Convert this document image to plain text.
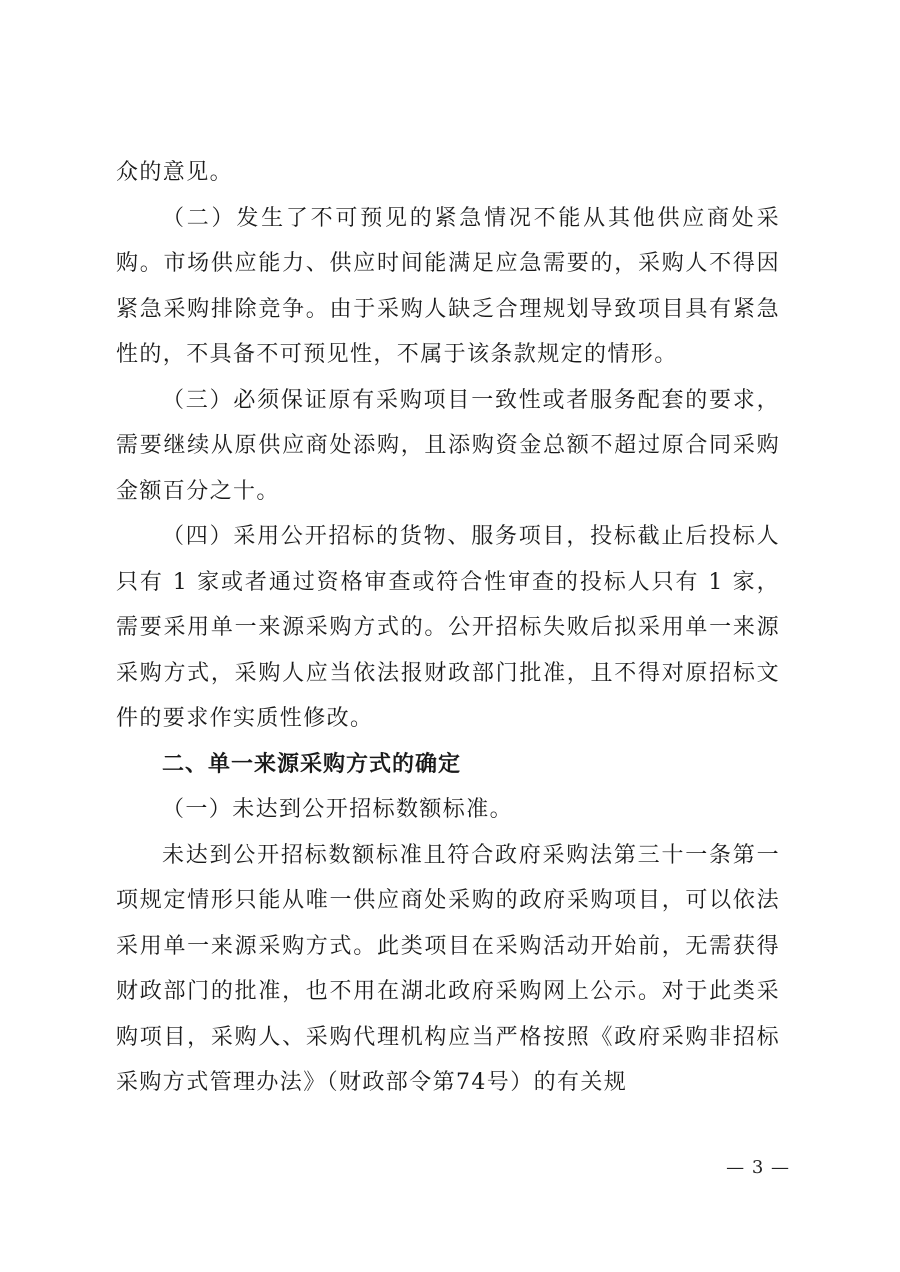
众的意见。

（二）发生了不可预见的紧急情况不能从其他供应商处采购。市场供应能力、供应时间能满足应急需要的，采购人不得因紧急采购排除竞争。由于采购人缺乏合理规划导致项目具有紧急性的，不具备不可预见性，不属于该条款规定的情形。

（三）必须保证原有采购项目一致性或者服务配套的要求，需要继续从原供应商处添购，且添购资金总额不超过原合同采购金额百分之十。

（四）采用公开招标的货物、服务项目，投标截止后投标人只有 1 家或者通过资格审查或符合性审查的投标人只有 1 家，需要采用单一来源采购方式的。公开招标失败后拟采用单一来源采购方式，采购人应当依法报财政部门批准，且不得对原招标文件的要求作实质性修改。

二、单一来源采购方式的确定

（一）未达到公开招标数额标准。

未达到公开招标数额标准且符合政府采购法第三十一条第一项规定情形只能从唯一供应商处采购的政府采购项目，可以依法采用单一来源采购方式。此类项目在采购活动开始前，无需获得财政部门的批准，也不用在湖北政府采购网上公示。对于此类采购项目，采购人、采购代理机构应当严格按照《政府采购非招标采购方式管理办法》（财政部令第74号）的有关规

— 3 —
